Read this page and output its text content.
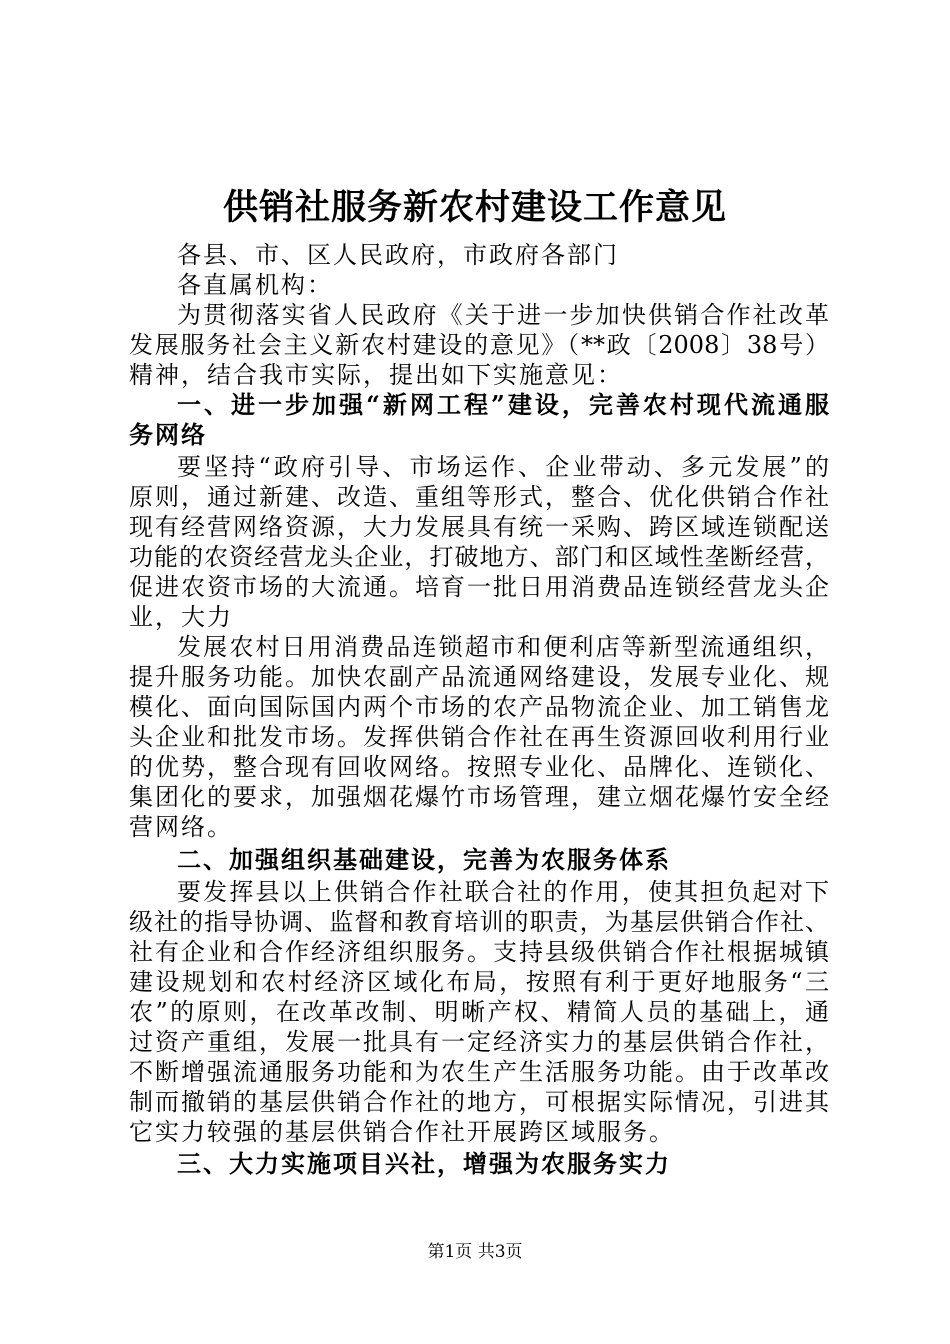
供销社服务新农村建设工作意见
各县、市、区人民政府，市政府各部门
各直属机构：
为贯彻落实省人民政府《关于进一步加快供销合作社改革
发展服务社会主义新农村建设的意见》（**政〔2008〕38号）
精神，结合我市实际，提出如下实施意见：
一、进一步加强“新网工程”建设，完善农村现代流通服
务网络
要坚持“政府引导、市场运作、企业带动、多元发展”的
原则，通过新建、改造、重组等形式，整合、优化供销合作社
现有经营网络资源，大力发展具有统一采购、跨区域连锁配送
功能的农资经营龙头企业，打破地方、部门和区域性垄断经营，
促进农资市场的大流通。培育一批日用消费品连锁经营龙头企
业，大力
发展农村日用消费品连锁超市和便利店等新型流通组织，
提升服务功能。加快农副产品流通网络建设，发展专业化、规
模化、面向国际国内两个市场的农产品物流企业、加工销售龙
头企业和批发市场。发挥供销合作社在再生资源回收利用行业
的优势，整合现有回收网络。按照专业化、品牌化、连锁化、
集团化的要求，加强烟花爆竹市场管理，建立烟花爆竹安全经
营网络。
二、加强组织基础建设，完善为农服务体系
要发挥县以上供销合作社联合社的作用，使其担负起对下
级社的指导协调、监督和教育培训的职责，为基层供销合作社、
社有企业和合作经济组织服务。支持县级供销合作社根据城镇
建设规划和农村经济区域化布局，按照有利于更好地服务“三
农”的原则，在改革改制、明晰产权、精简人员的基础上，通
过资产重组，发展一批具有一定经济实力的基层供销合作社，
不断增强流通服务功能和为农生产生活服务功能。由于改革改
制而撤销的基层供销合作社的地方，可根据实际情况，引进其
它实力较强的基层供销合作社开展跨区域服务。
三、大力实施项目兴社，增强为农服务实力
第1页 共3页
